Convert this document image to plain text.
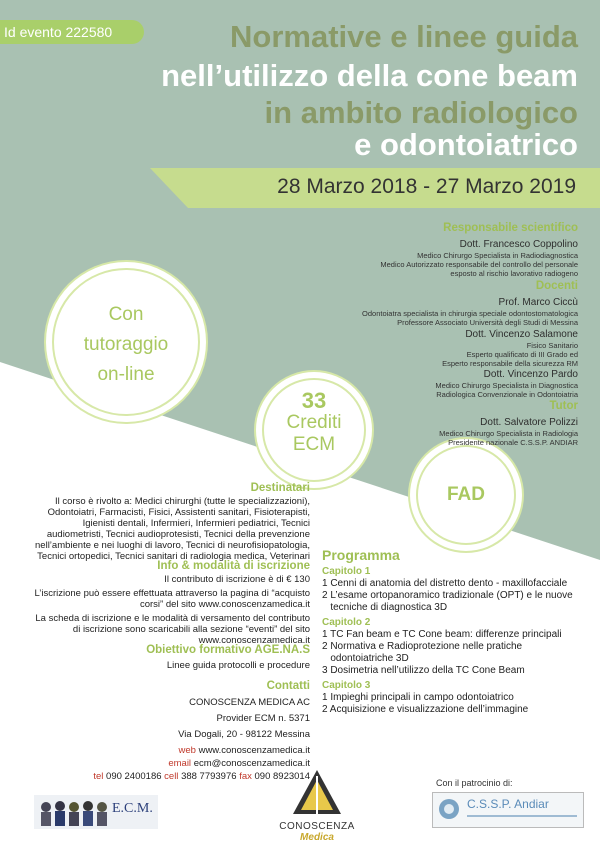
Id evento 222580	Normative e linee guida
nell’utilizzo della cone beam
in ambito radiologico
e odontoiatrico
28 Marzo 2018 - 27 Marzo 2019
Con
tutoraggio
on-line
33
Crediti
ECM
FAD
Responsabile scientifico
Dott. Francesco Coppolino
Medico Chirurgo Specialista in Radiodiagnostica
Medico Autorizzato responsabile del controllo del personale
esposto al rischio lavorativo radiogeno
Docenti
Prof. Marco Ciccù
Odontoiatra specialista in chirurgia speciale odontostomatologica
Professore Associato Università degli Studi di Messina
Dott. Vincenzo Salamone
Fisico Sanitario
Esperto qualificato di III Grado ed
Esperto responsabile della sicurezza RM
Dott. Vincenzo Pardo
Medico Chirurgo Specialista in Diagnostica
Radiologica Convenzionale in Odontoiatria
Tutor
Dott. Salvatore Polizzi
Medico Chirurgo Specialista in Radiologia
Presidente nazionale C.S.S.P. ANDIAR
Destinatari
Il corso è rivolto a: Medici chirurghi (tutte le specializzazioni),
Odontoiatri, Farmacisti, Fisici, Assistenti sanitari, Fisioterapisti,
Igienisti dentali, Infermieri, Infermieri pediatrici, Tecnici
audiometristi, Tecnici audioprotesisti, Tecnici della prevenzione
nell’ambiente e nei luoghi di lavoro, Tecnici di neurofisiopatologia,
Tecnici ortopedici, Tecnici sanitari di radiologia medica, Veterinari
Info & modalità di iscrizione
Il contributo di iscrizione è di € 130
L’iscrizione può essere effettuata attraverso la pagina di “acquisto
corsi” del sito www.conoscenzamedica.it
La scheda di iscrizione e le modalità di versamento del contributo
di iscrizione sono scaricabili alla sezione “eventi” del sito
www.conoscenzamedica.it
Obiettivo formativo AGE.NA.S
Linee guida protocolli e procedure
Contatti
CONOSCENZA MEDICA AC
Provider ECM n. 5371
Via Dogali, 20 - 98122 Messina
web www.conoscenzamedica.it
email ecm@conoscenzamedica.it
tel 090 2400186 cell 388 7793976 fax 090 8923014
Programma
Capitolo 1
1 Cenni di anatomia del distretto dento - maxillofacciale
2 L’esame ortopanoramico tradizionale (OPT) e le nuove
tecniche di diagnostica 3D
Capitolo 2
1 TC Fan beam e TC Cone beam: differenze principali
2 Normativa e Radioprotezione nelle pratiche
odontoiatriche 3D
3 Dosimetria nell’utilizzo della TC Cone Beam
Capitolo 3
1 Impieghi principali in campo odontoiatrico
2 Acquisizione e visualizzazione dell’immagine
E.C.M.
CONOSCENZA
Medica
Con il patrocinio di:
C.S.S.P. Andiar
